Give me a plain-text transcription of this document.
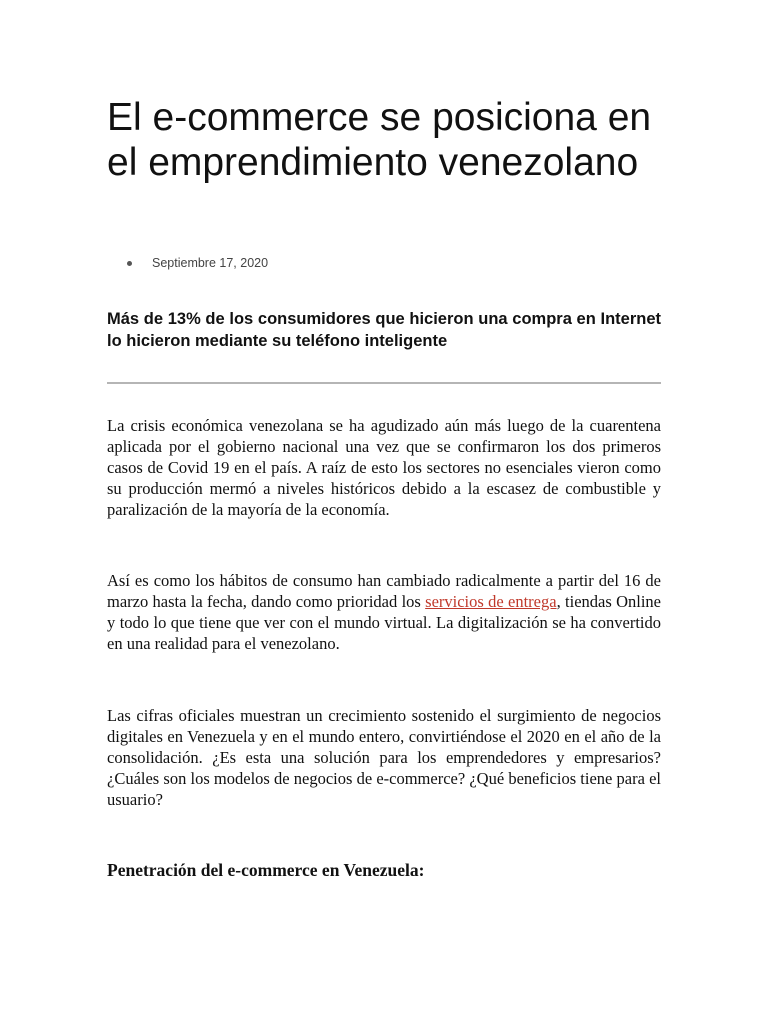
El e-commerce se posiciona en el emprendimiento venezolano
Septiembre 17, 2020
Más de 13% de los consumidores que hicieron una compra en Internet lo hicieron mediante su teléfono inteligente

La crisis económica venezolana se ha agudizado aún más luego de la cuarentena aplicada por el gobierno nacional una vez que se confirmaron los dos primeros casos de Covid 19 en el país. A raíz de esto los sectores no esenciales vieron como su producción mermó a niveles históricos debido a la escasez de combustible y paralización de la mayoría de la economía.

Así es como los hábitos de consumo han cambiado radicalmente a partir del 16 de marzo hasta la fecha, dando como prioridad los servicios de entrega, tiendas Online y todo lo que tiene que ver con el mundo virtual. La digitalización se ha convertido en una realidad para el venezolano.

Las cifras oficiales muestran un crecimiento sostenido el surgimiento de negocios digitales en Venezuela y en el mundo entero, convirtiéndose el 2020 en el año de la consolidación. ¿Es esta una solución para los emprendedores y empresarios? ¿Cuáles son los modelos de negocios de e-commerce? ¿Qué beneficios tiene para el usuario?

Penetración del e-commerce en Venezuela:
